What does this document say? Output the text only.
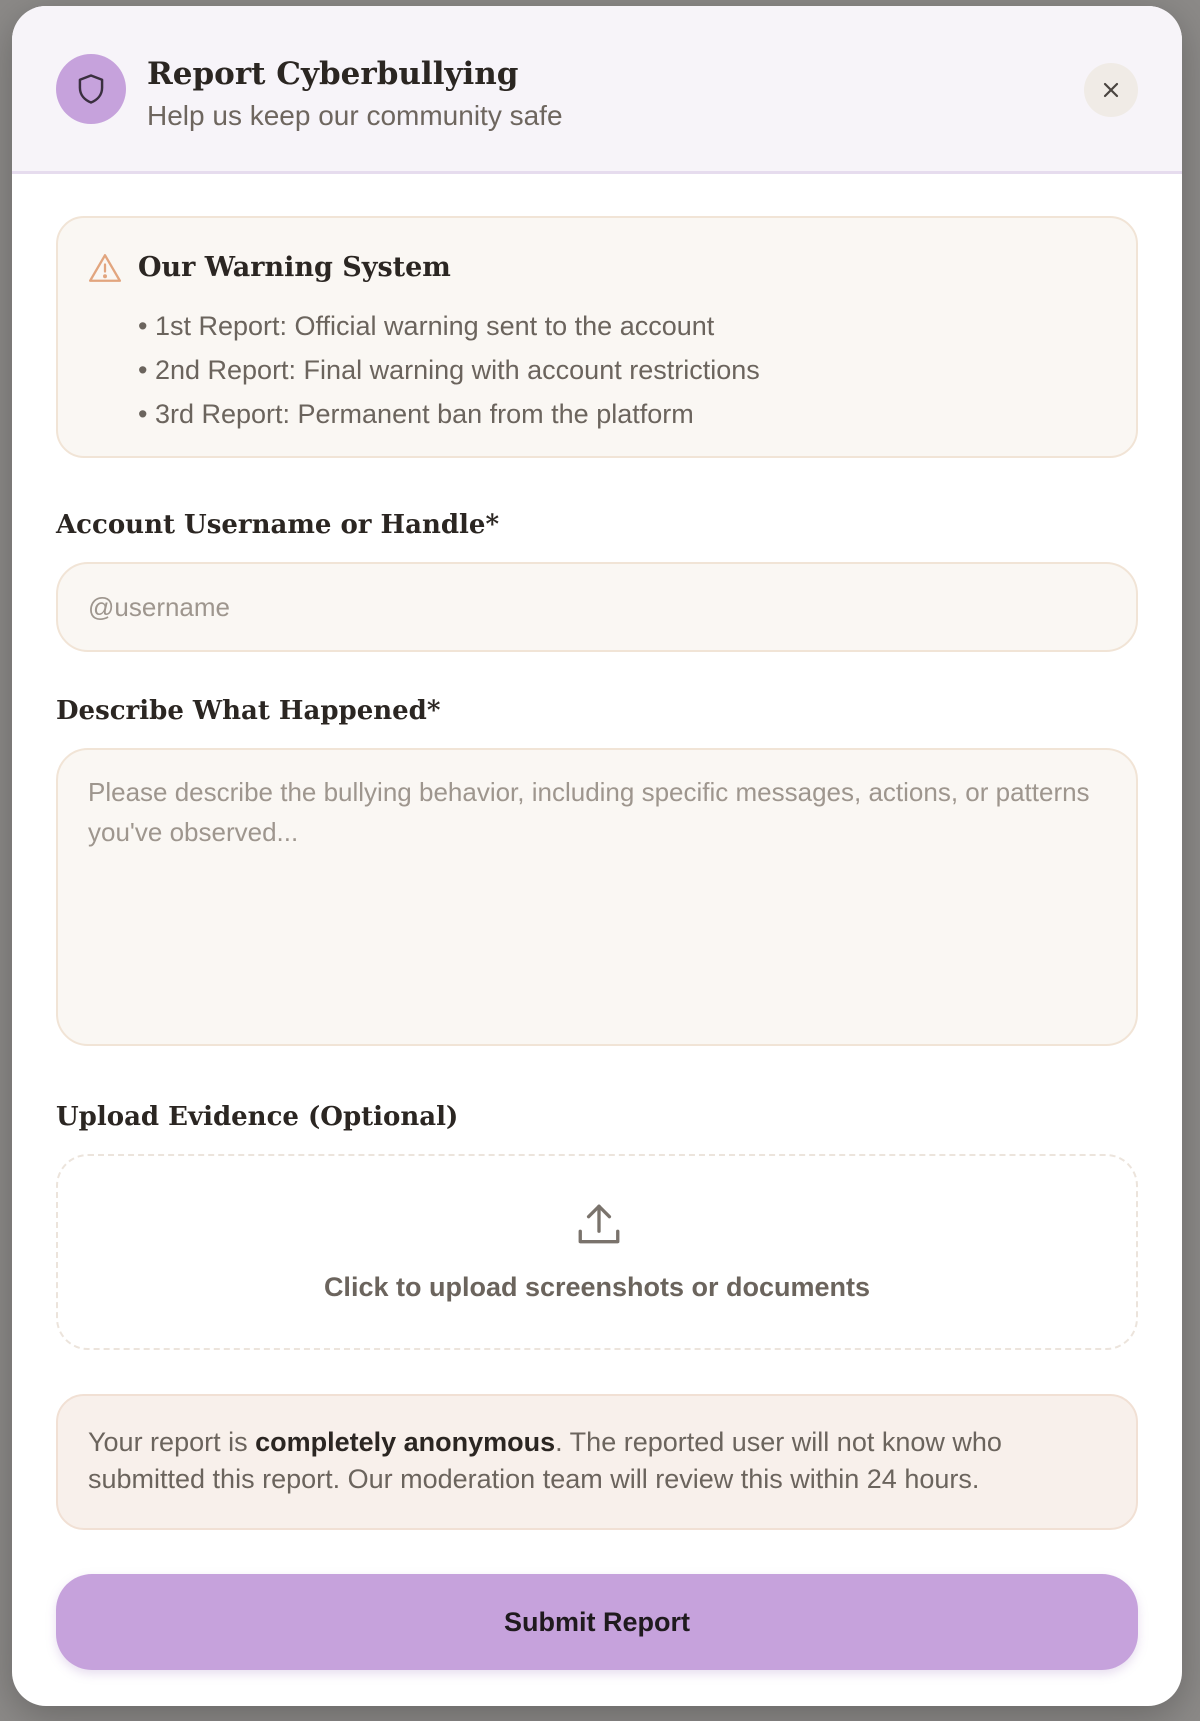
Report Cyberbullying
Help us keep our community safe
Our Warning System
• 1st Report: Official warning sent to the account
• 2nd Report: Final warning with account restrictions
• 3rd Report: Permanent ban from the platform
Account Username or Handle*
@username
Describe What Happened*
Please describe the bullying behavior, including specific messages, actions, or patterns you've observed...
Upload Evidence (Optional)
Click to upload screenshots or documents
Your report is completely anonymous. The reported user will not know who submitted this report. Our moderation team will review this within 24 hours.
Submit Report
